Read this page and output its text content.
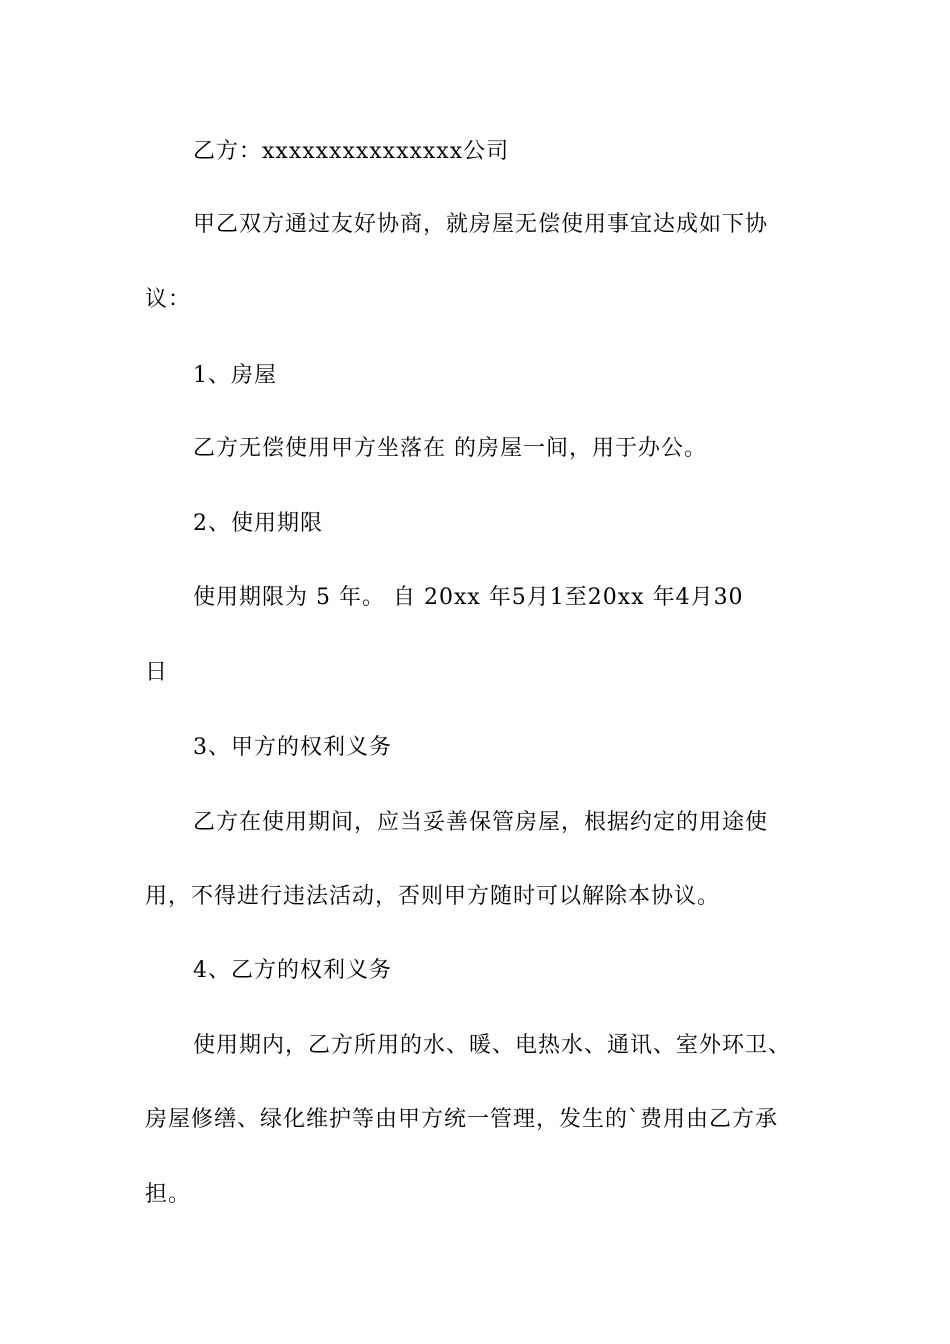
乙方：xxxxxxxxxxxxxxx公司
甲乙双方通过友好协商，就房屋无偿使用事宜达成如下协
议：
1、房屋
乙方无偿使用甲方坐落在 的房屋一间，用于办公。
2、使用期限
使用期限为 5 年。 自 20xx 年5月1至20xx 年4月30
日
3、甲方的权利义务
乙方在使用期间，应当妥善保管房屋，根据约定的用途使
用，不得进行违法活动，否则甲方随时可以解除本协议。
4、乙方的权利义务
使用期内，乙方所用的水、暖、电热水、通讯、室外环卫、
房屋修缮、绿化维护等由甲方统一管理，发生的`费用由乙方承
担。
